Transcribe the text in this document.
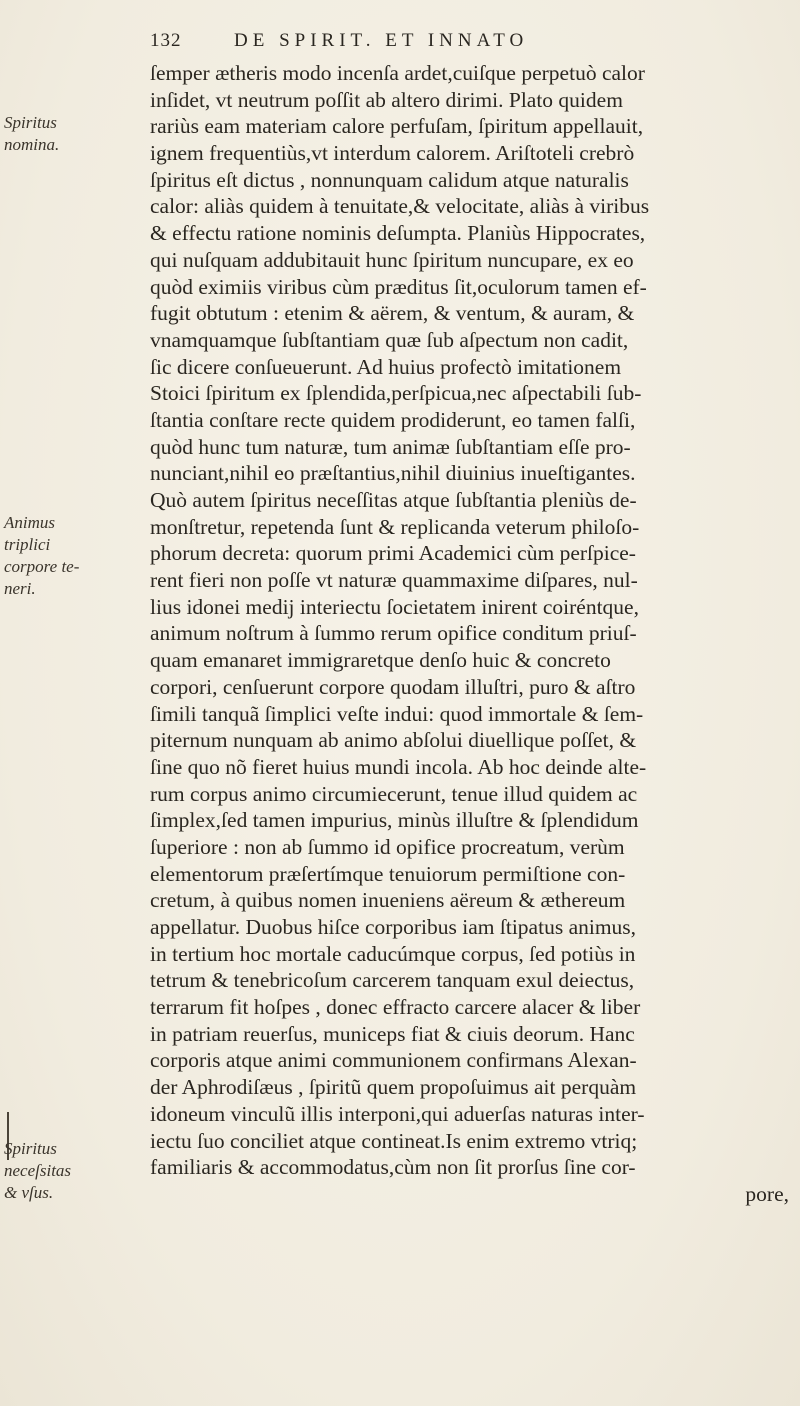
132	DE SPIRIT. ET INNATO
Spiritus
nomina.
Animus
triplici
corpore te-
neri.
Spiritus
neceſsitas
& vſus.
ſemper ætheris modo incenſa ardet,cuiſque perpetuò calor
inſidet, vt neutrum poſſit ab altero dirimi. Plato quidem
rariùs eam materiam calore perfuſam, ſpiritum appellauit,
ignem frequentiùs,vt interdum calorem. Ariſtoteli crebrò
ſpiritus eſt dictus , nonnunquam calidum atque naturalis
calor: aliàs quidem à tenuitate,& velocitate, aliàs à viribus
& effectu ratione nominis deſumpta. Planiùs Hippocrates,
qui nuſquam addubitauit hunc ſpiritum nuncupare, ex eo
quòd eximiis viribus cùm præditus ſit,oculorum tamen ef-
fugit obtutum : etenim & aërem, & ventum, & auram, &
vnamquamque ſubſtantiam quæ ſub aſpectum non cadit,
ſic dicere conſueuerunt. Ad huius profectò imitationem
Stoici ſpiritum ex ſplendida,perſpicua,nec aſpectabili ſub-
ſtantia conſtare recte quidem prodiderunt, eo tamen falſi,
quòd hunc tum naturæ, tum animæ ſubſtantiam eſſe pro-
nunciant,nihil eo præſtantius,nihil diuinius inueſtigantes.
Quò autem ſpiritus neceſſitas atque ſubſtantia pleniùs de-
monſtretur, repetenda ſunt & replicanda veterum philoſo-
phorum decreta: quorum primi Academici cùm perſpice-
rent fieri non poſſe vt naturæ quammaxime diſpares, nul-
lius idonei medij interiectu ſocietatem inirent coiréntque,
animum noſtrum à ſummo rerum opifice conditum priuſ-
quam emanaret immigraretque denſo huic & concreto
corpori, cenſuerunt corpore quodam illuſtri, puro & aſtro
ſimili tanquã ſimplici veſte indui: quod immortale & ſem-
piternum nunquam ab animo abſolui diuellique poſſet, &
ſine quo nõ fieret huius mundi incola. Ab hoc deinde alte-
rum corpus animo circumiecerunt, tenue illud quidem ac
ſimplex,ſed tamen impurius, minùs illuſtre & ſplendidum
ſuperiore : non ab ſummo id opifice procreatum, verùm
elementorum præſertímque tenuiorum permiſtione con-
cretum, à quibus nomen inueniens aëreum & æthereum
appellatur. Duobus hiſce corporibus iam ſtipatus animus,
in tertium hoc mortale caducúmque corpus, ſed potiùs in
tetrum & tenebricoſum carcerem tanquam exul deiectus,
terrarum fit hoſpes , donec effracto carcere alacer & liber
in patriam reuerſus, municeps fiat & ciuis deorum. Hanc
corporis atque animi communionem confirmans Alexan-
der Aphrodiſæus , ſpiritũ quem propoſuimus ait perquàm
idoneum vinculũ illis interponi,qui aduerſas naturas inter-
iectu ſuo conciliet atque contineat.Is enim extremo vtriq;
familiaris & accommodatus,cùm non ſit prorſus ſine cor-
pore,
